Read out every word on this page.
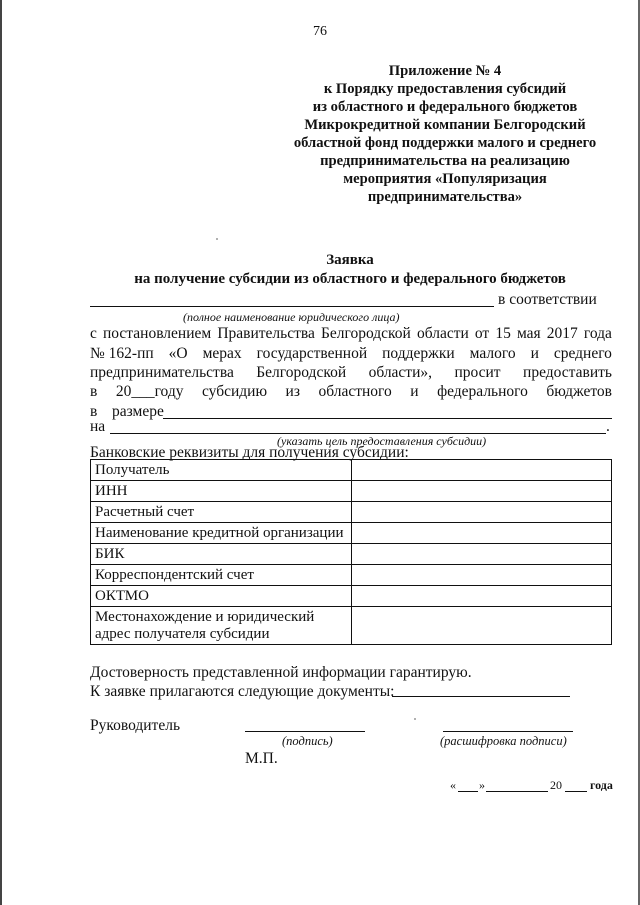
76
Приложение № 4
к Порядку предоставления субсидий
из областного и федерального бюджетов
Микрокредитной компании Белгородский
областной фонд поддержки малого и среднего
предпринимательства на реализацию
мероприятия «Популяризация
предпринимательства»
Заявка
на получение субсидии из областного и федерального бюджетов
в соответствии
(полное наименование юридического лица)
с постановлением Правительства Белгородской области от 15 мая 2017 года
№ 162-пп «О мерах государственной поддержки малого и среднего
предпринимательства Белгородской области», просит предоставить
в 20___году субсидию из областного и федерального бюджетов
в размере
на	.
(указать цель предоставления субсидии)
Банковские реквизиты для получения субсидии:
Получатель	
ИНН	
Расчетный счет	
Наименование кредитной организации	
БИК	
Корреспондентский счет	
ОКТМО	
Местонахождение и юридический адрес получателя субсидии	
Достоверность представленной информации гарантирую.
К заявке прилагаются следующие документы:
Руководитель
(подпись)	(расшифровка подписи)
М.П.
« »	20 года
